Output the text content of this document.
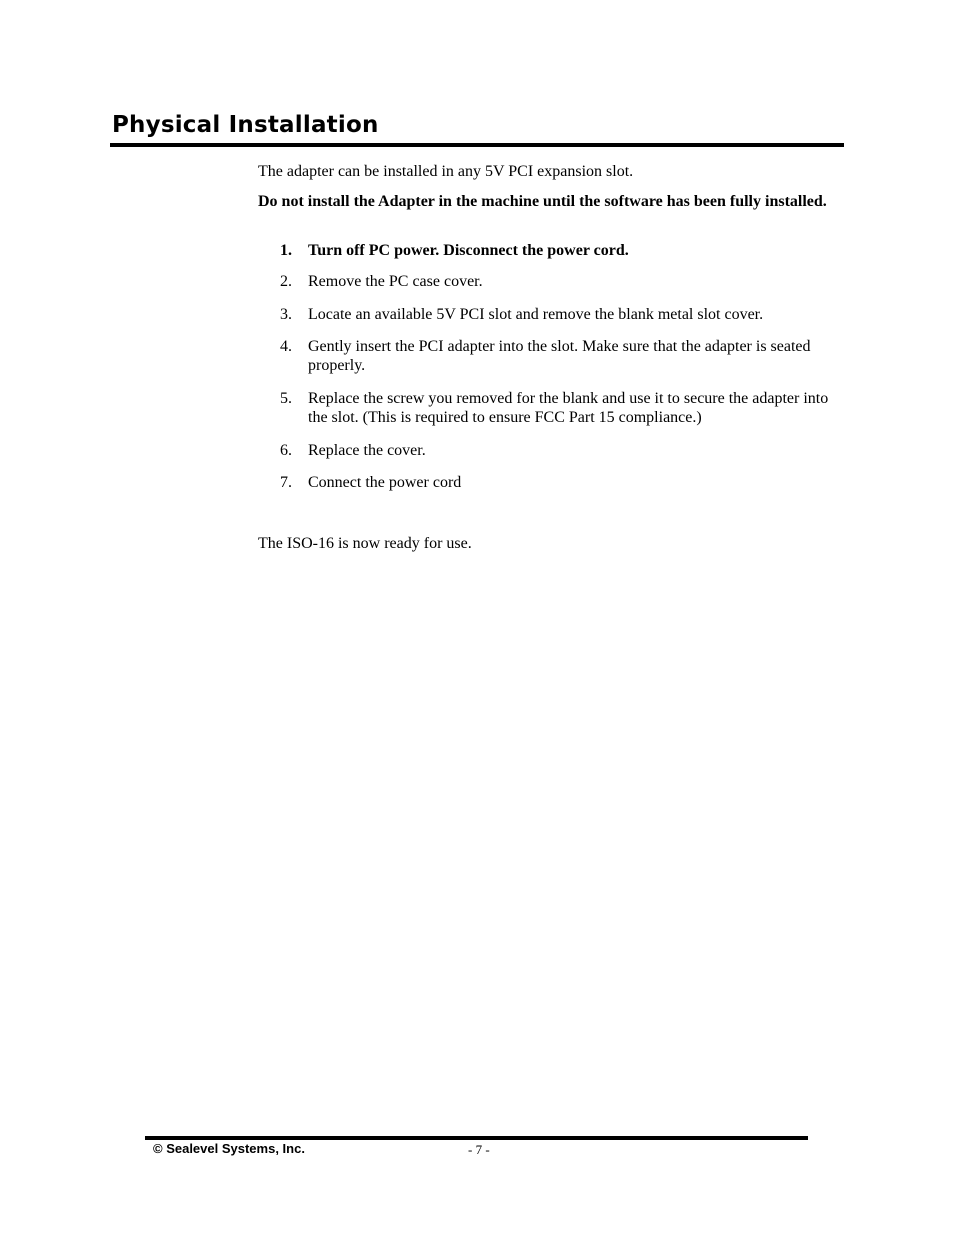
Physical Installation

The adapter can be installed in any 5V PCI expansion slot.

Do not install the Adapter in the machine until the software has been fully installed.

1. Turn off PC power. Disconnect the power cord.
2. Remove the PC case cover.
3. Locate an available 5V PCI slot and remove the blank metal slot cover.
4. Gently insert the PCI adapter into the slot. Make sure that the adapter is seated properly.
5. Replace the screw you removed for the blank and use it to secure the adapter into the slot. (This is required to ensure FCC Part 15 compliance.)
6. Replace the cover.
7. Connect the power cord

The ISO-16 is now ready for use.

© Sealevel Systems, Inc.	- 7 -
